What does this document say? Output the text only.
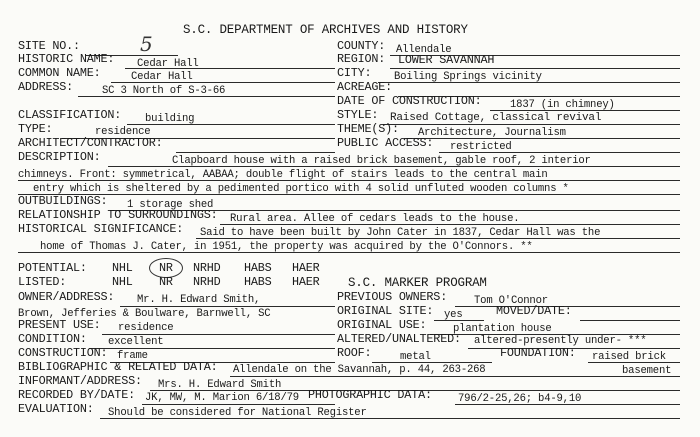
S.C. DEPARTMENT OF ARCHIVES AND HISTORY
SITE NO.:	5	COUNTY: Allendale
HISTORIC NAME: Cedar Hall	REGION: LOWER SAVANNAH
COMMON NAME:	Cedar Hall	CITY: Boiling Springs vicinity
ADDRESS:	SC 3 North of S-3-66	ACREAGE:
DATE OF CONSTRUCTION:	1837 (in chimney)
CLASSIFICATION: building	STYLE: Raised Cottage, classical revival
TYPE:	residence	THEME(S): Architecture, Journalism
ARCHITECT/CONTRACTOR:	PUBLIC ACCESS: restricted
DESCRIPTION:	Clapboard house with a raised brick basement, gable roof, 2 interior
chimneys. Front: symmetrical, AABAA; double flight of stairs leads to the central main
entry which is sheltered by a pedimented portico with 4 solid unfluted wooden columns *
OUTBUILDINGS: 1 storage shed
RELATIONSHIP TO SURROUNDINGS: Rural area. Allee of cedars leads to the house.
HISTORICAL SIGNIFICANCE: Said to have been built by John Cater in 1837, Cedar Hall was the
home of Thomas J. Cater, in 1951, the property was acquired by the O'Connors. **
POTENTIAL: NHL NR NRHD HABS HAER
LISTED:	NHL NR NRHD HABS HAER S.C. MARKER PROGRAM
OWNER/ADDRESS: Mr. H. Edward Smith,
Brown, Jefferies & Boulware, Barnwell, SC
PREVIOUS OWNERS:	Tom O'Connor
ORIGINAL SITE: yes	MOVED/DATE:
PRESENT USE: residence	ORIGINAL USE:	plantation house
CONDITION: excellent	ALTERED/UNALTERED: altered-presently under- ***
CONSTRUCTION: frame	ROOF:	metal	FOUNDATION: raised brick
basement
BIBLIOGRAPHIC & RELATED DATA: Allendale on the Savannah, p. 44, 263-268
INFORMANT/ADDRESS: Mrs. H. Edward Smith
RECORDED BY/DATE: JK, MW, M. Marion 6/18/79 PHOTOGRAPHIC DATA: 796/2-25,26; b4-9,10
EVALUATION: Should be considered for National Register
